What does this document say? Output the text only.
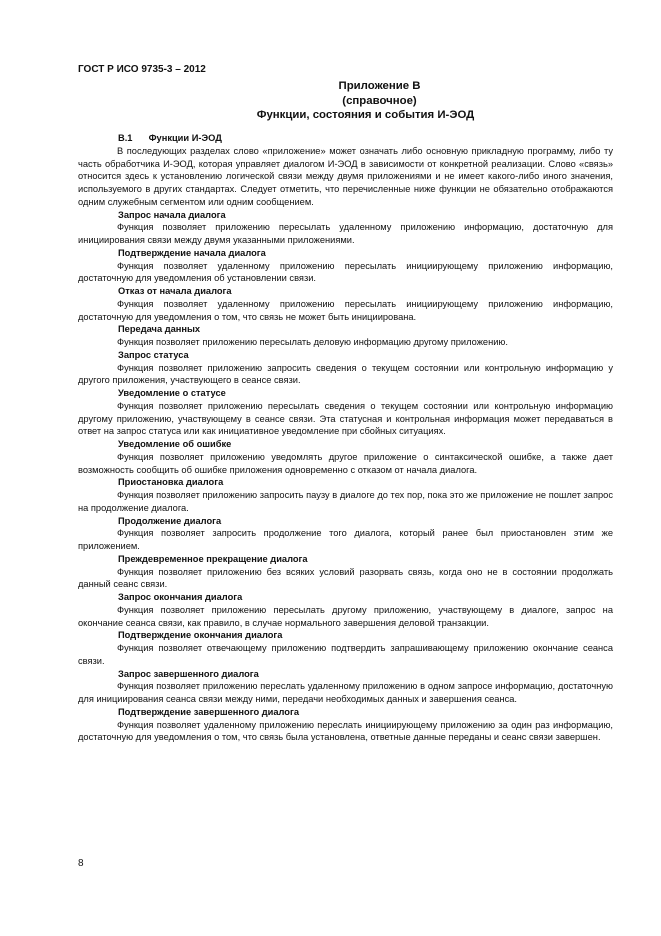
ГОСТ Р ИСО 9735-3 – 2012
Приложение В
(справочное)
Функции, состояния и события И-ЭОД
В.1 Функции И-ЭОД

В последующих разделах слово «приложение» может означать либо основную прикладную программу, либо ту часть обработчика И-ЭОД, которая управляет диалогом И-ЭОД в зависимости от конкретной реализации. Слово «связь» относится здесь к установлению логической связи между двумя приложениями и не имеет какого-либо иного значения, используемого в других стандартах. Следует отметить, что перечисленные ниже функции не обязательно отображаются одним служебным сегментом или одним сообщением.

Запрос начала диалога

Функция позволяет приложению пересылать удаленному приложению информацию, достаточную для инициирования связи между двумя указанными приложениями.

Подтверждение начала диалога

Функция позволяет удаленному приложению пересылать инициирующему приложению информацию, достаточную для уведомления об установлении связи.

Отказ от начала диалога

Функция позволяет удаленному приложению пересылать инициирующему приложению информацию, достаточную для уведомления о том, что связь не может быть инициирована.

Передача данных

Функция позволяет приложению пересылать деловую информацию другому приложению.

Запрос статуса

Функция позволяет приложению запросить сведения о текущем состоянии или контрольную информацию у другого приложения, участвующего в сеансе связи.

Уведомление о статусе

Функция позволяет приложению пересылать сведения о текущем состоянии или контрольную информацию другому приложению, участвующему в сеансе связи. Эта статусная и контрольная информация может передаваться в ответ на запрос статуса или как инициативное уведомление при сбойных ситуациях.

Уведомление об ошибке

Функция позволяет приложению уведомлять другое приложение о синтаксической ошибке, а также дает возможность сообщить об ошибке приложения одновременно с отказом от начала диалога.

Приостановка диалога

Функция позволяет приложению запросить паузу в диалоге до тех пор, пока это же приложение не пошлет запрос на продолжение диалога.

Продолжение диалога

Функция позволяет запросить продолжение того диалога, который ранее был приостановлен этим же приложением.

Преждевременное прекращение диалога

Функция позволяет приложению без всяких условий разорвать связь, когда оно не в состоянии продолжать данный сеанс связи.

Запрос окончания диалога

Функция позволяет приложению пересылать другому приложению, участвующему в диалоге, запрос на окончание сеанса связи, как правило, в случае нормального завершения деловой транзакции.

Подтверждение окончания диалога

Функция позволяет отвечающему приложению подтвердить запрашивающему приложению окончание сеанса связи.

Запрос завершенного диалога

Функция позволяет приложению переслать удаленному приложению в одном запросе информацию, достаточную для инициирования сеанса связи между ними, передачи необходимых данных и завершения сеанса.

Подтверждение завершенного диалога

Функция позволяет удаленному приложению переслать инициирующему приложению за один раз информацию, достаточную для уведомления о том, что связь была установлена, ответные данные переданы и сеанс связи завершен.

8
